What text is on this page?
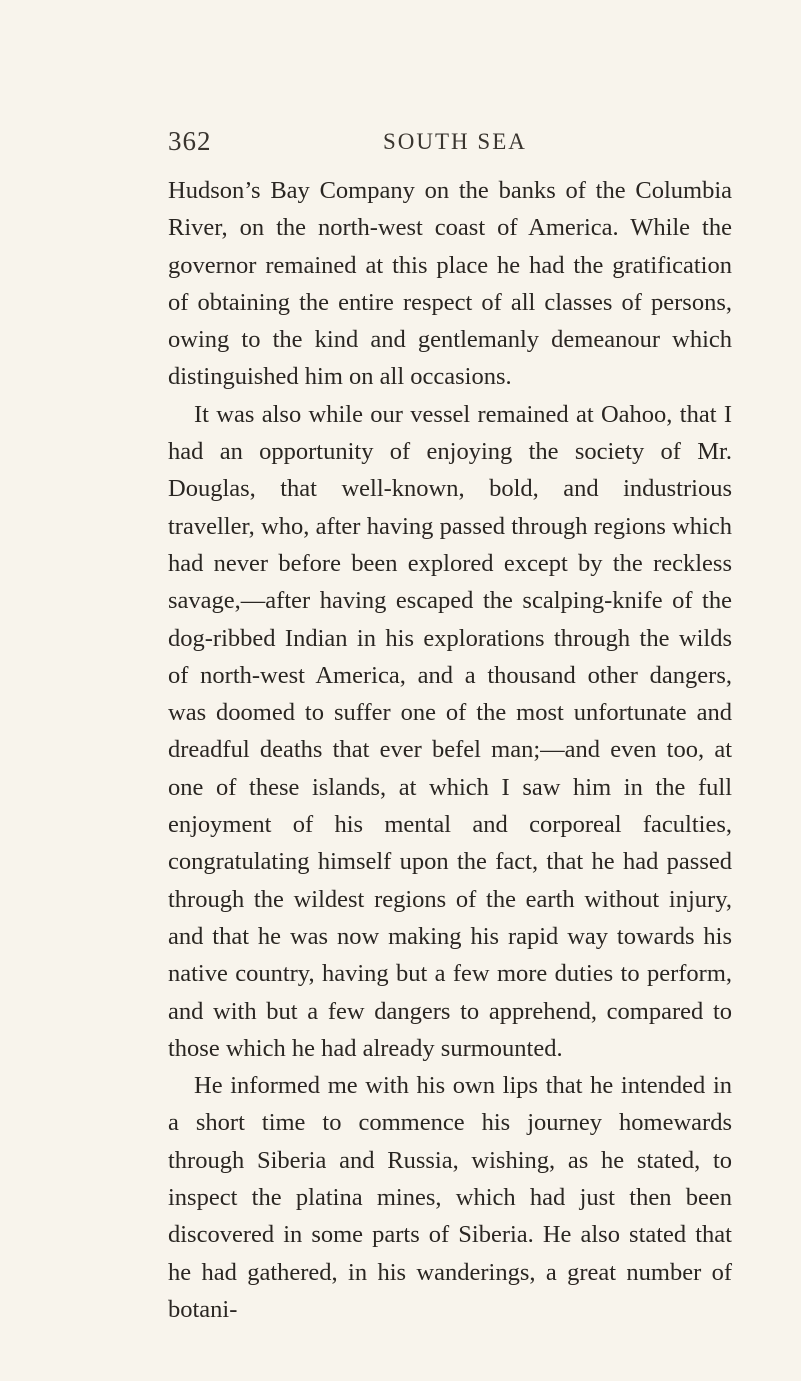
362	SOUTH SEA

Hudson’s Bay Company on the banks of the Columbia River, on the north-west coast of America. While the governor remained at this place he had the gratification of obtaining the entire respect of all classes of persons, owing to the kind and gentlemanly demeanour which distinguished him on all occasions.

It was also while our vessel remained at Oahoo, that I had an opportunity of enjoying the society of Mr. Douglas, that well-known, bold, and industrious traveller, who, after having passed through regions which had never before been explored except by the reckless savage,—after having escaped the scalping-knife of the dog-ribbed Indian in his explorations through the wilds of north-west America, and a thousand other dangers, was doomed to suffer one of the most unfortunate and dreadful deaths that ever befel man;—and even too, at one of these islands, at which I saw him in the full enjoyment of his mental and corporeal faculties, congratulating himself upon the fact, that he had passed through the wildest regions of the earth without injury, and that he was now making his rapid way towards his native country, having but a few more duties to perform, and with but a few dangers to apprehend, compared to those which he had already surmounted.

He informed me with his own lips that he intended in a short time to commence his journey homewards through Siberia and Russia, wishing, as he stated, to inspect the platina mines, which had just then been discovered in some parts of Siberia. He also stated that he had gathered, in his wanderings, a great number of botani-
